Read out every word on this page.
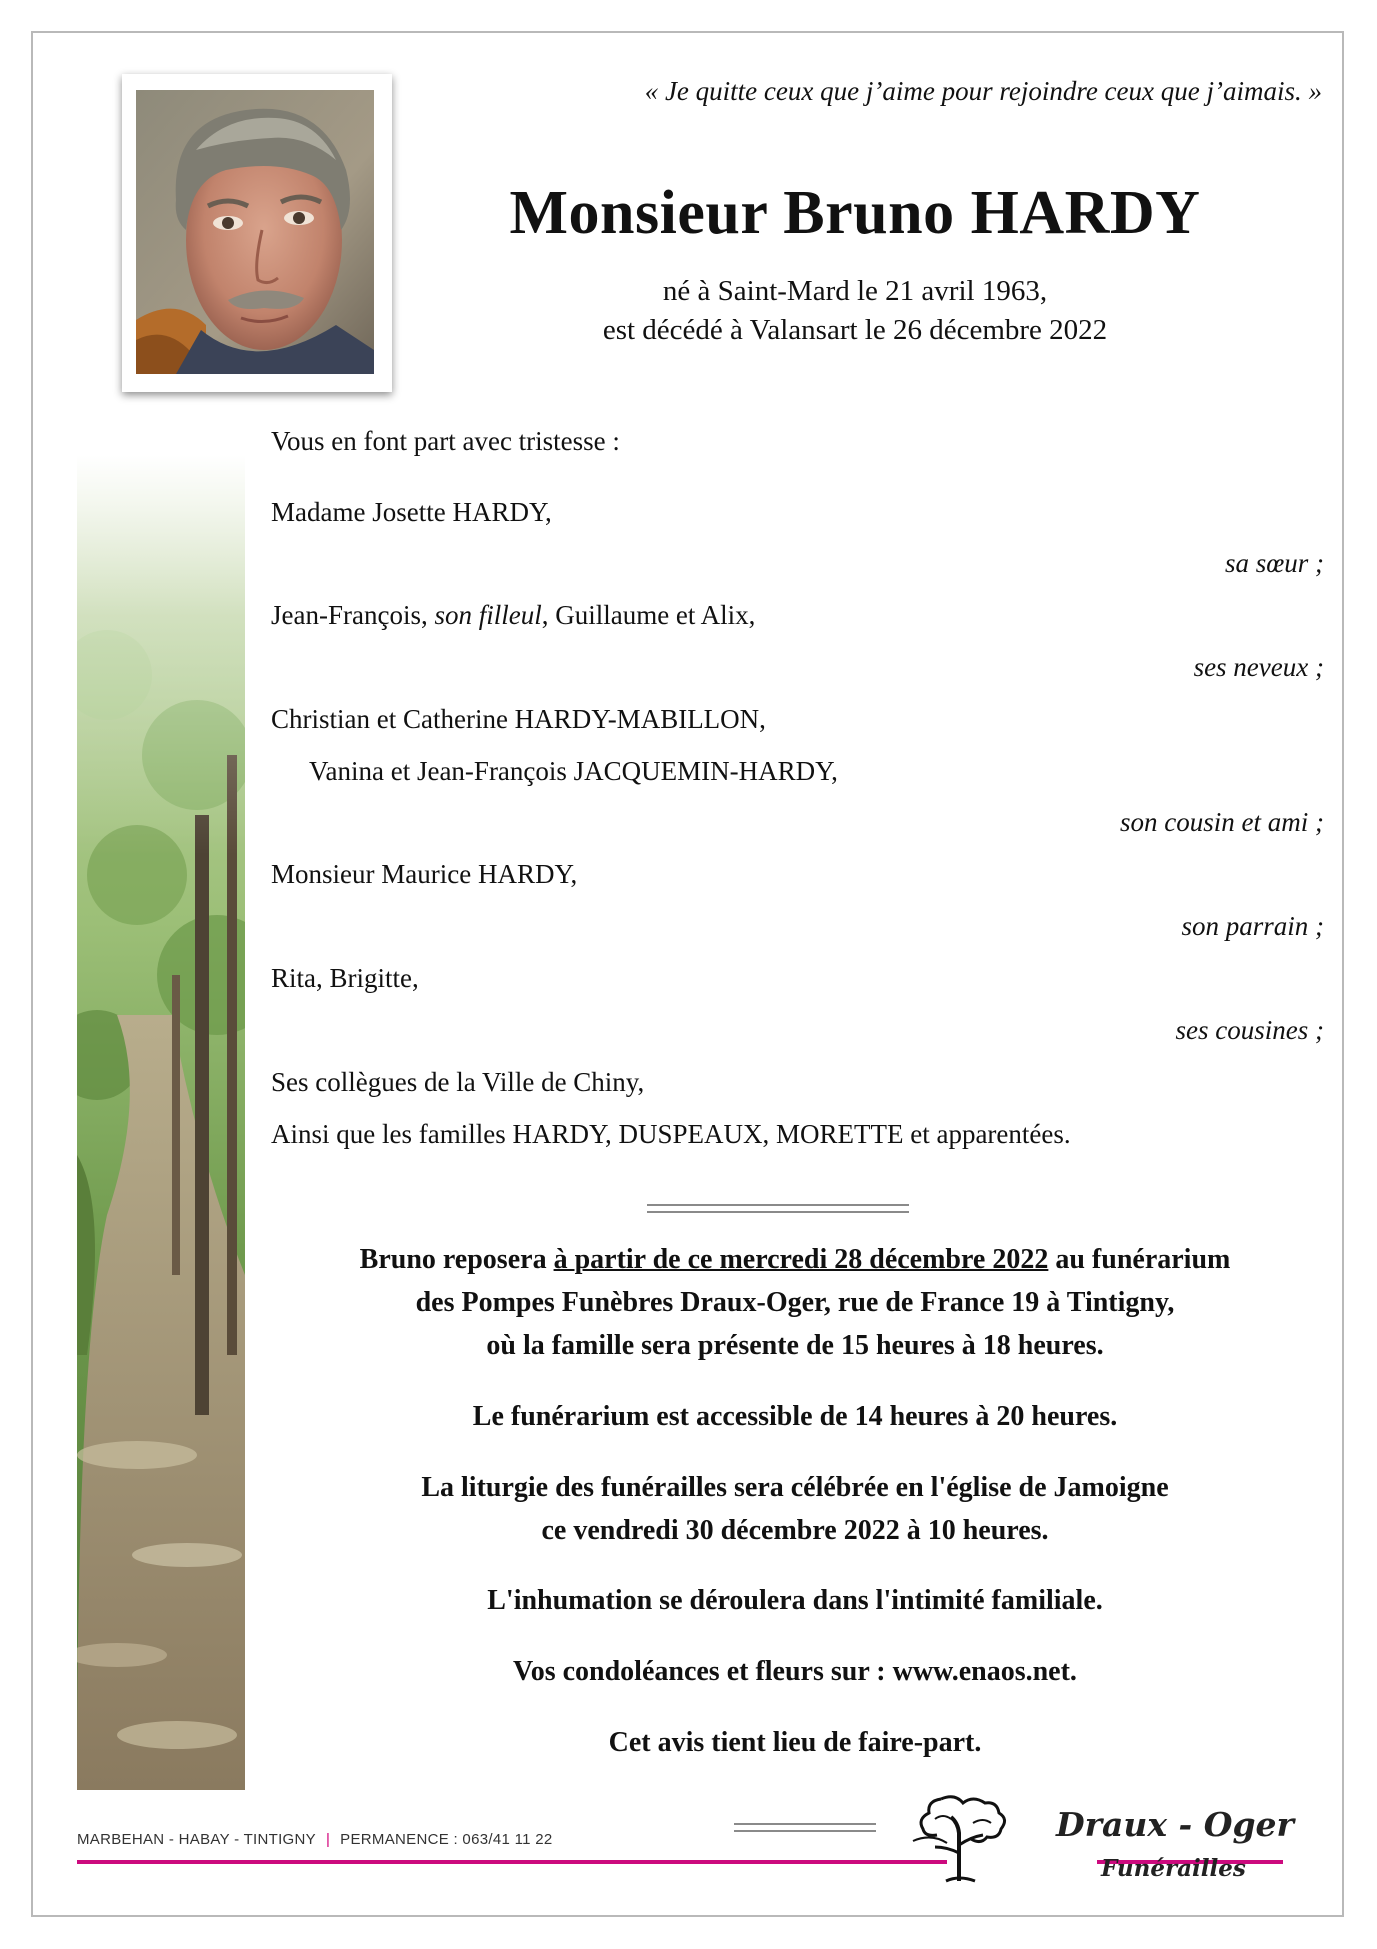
« Je quitte ceux que j’aime pour rejoindre ceux que j’aimais. »
Monsieur Bruno HARDY
né à Saint-Mard le 21 avril 1963,
est décédé à Valansart le 26 décembre 2022
Vous en font part avec tristesse :
Madame Josette HARDY,
sa sœur ;
Jean-François, son filleul, Guillaume et Alix,
ses neveux ;
Christian et Catherine HARDY-MABILLON,
Vanina et Jean-François JACQUEMIN-HARDY,
son cousin et ami ;
Monsieur Maurice HARDY,
son parrain ;
Rita, Brigitte,
ses cousines ;
Ses collègues de la Ville de Chiny,
Ainsi que les familles HARDY, DUSPEAUX, MORETTE et apparentées.
Bruno reposera à partir de ce mercredi 28 décembre 2022 au funérarium
des Pompes Funèbres Draux-Oger, rue de France 19 à Tintigny,
où la famille sera présente de 15 heures à 18 heures.
Le funérarium est accessible de 14 heures à 20 heures.
La liturgie des funérailles sera célébrée en l'église de Jamoigne
ce vendredi 30 décembre 2022 à 10 heures.
L'inhumation se déroulera dans l'intimité familiale.
Vos condoléances et fleurs sur : www.enaos.net.
Cet avis tient lieu de faire-part.
MARBEHAN - HABAY - TINTIGNY | PERMANENCE : 063/41 11 22	Draux - Oger
Funérailles
